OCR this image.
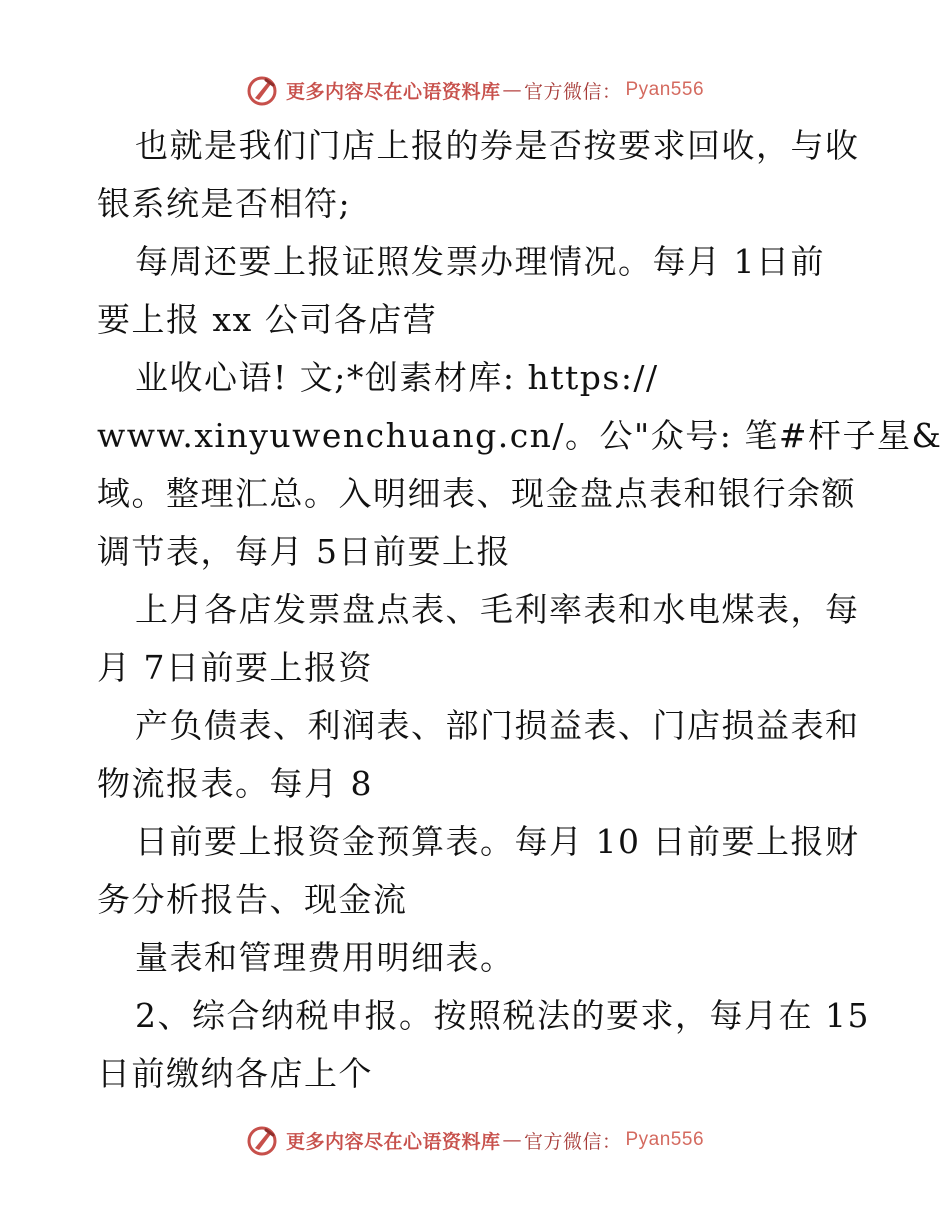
更多内容尽在心语资料库 — 官方微信： Pyan556
也就是我们门店上报的券是否按要求回收，与收
银系统是否相符;
每周还要上报证照发票办理情况。每月 1日前
要上报 xx 公司各店营
业收心语! 文;*创素材库: https://
www.xinyuwenchuang.cn/。公"众号: 笔#杆子星&
域。整理汇总。入明细表、现金盘点表和银行余额
调节表，每月 5日前要上报
上月各店发票盘点表、毛利率表和水电煤表，每
月 7日前要上报资
产负债表、利润表、部门损益表、门店损益表和
物流报表。每月 8
日前要上报资金预算表。每月 10 日前要上报财
务分析报告、现金流
量表和管理费用明细表。
2、综合纳税申报。按照税法的要求，每月在 15
日前缴纳各店上个
更多内容尽在心语资料库 — 官方微信： Pyan556
